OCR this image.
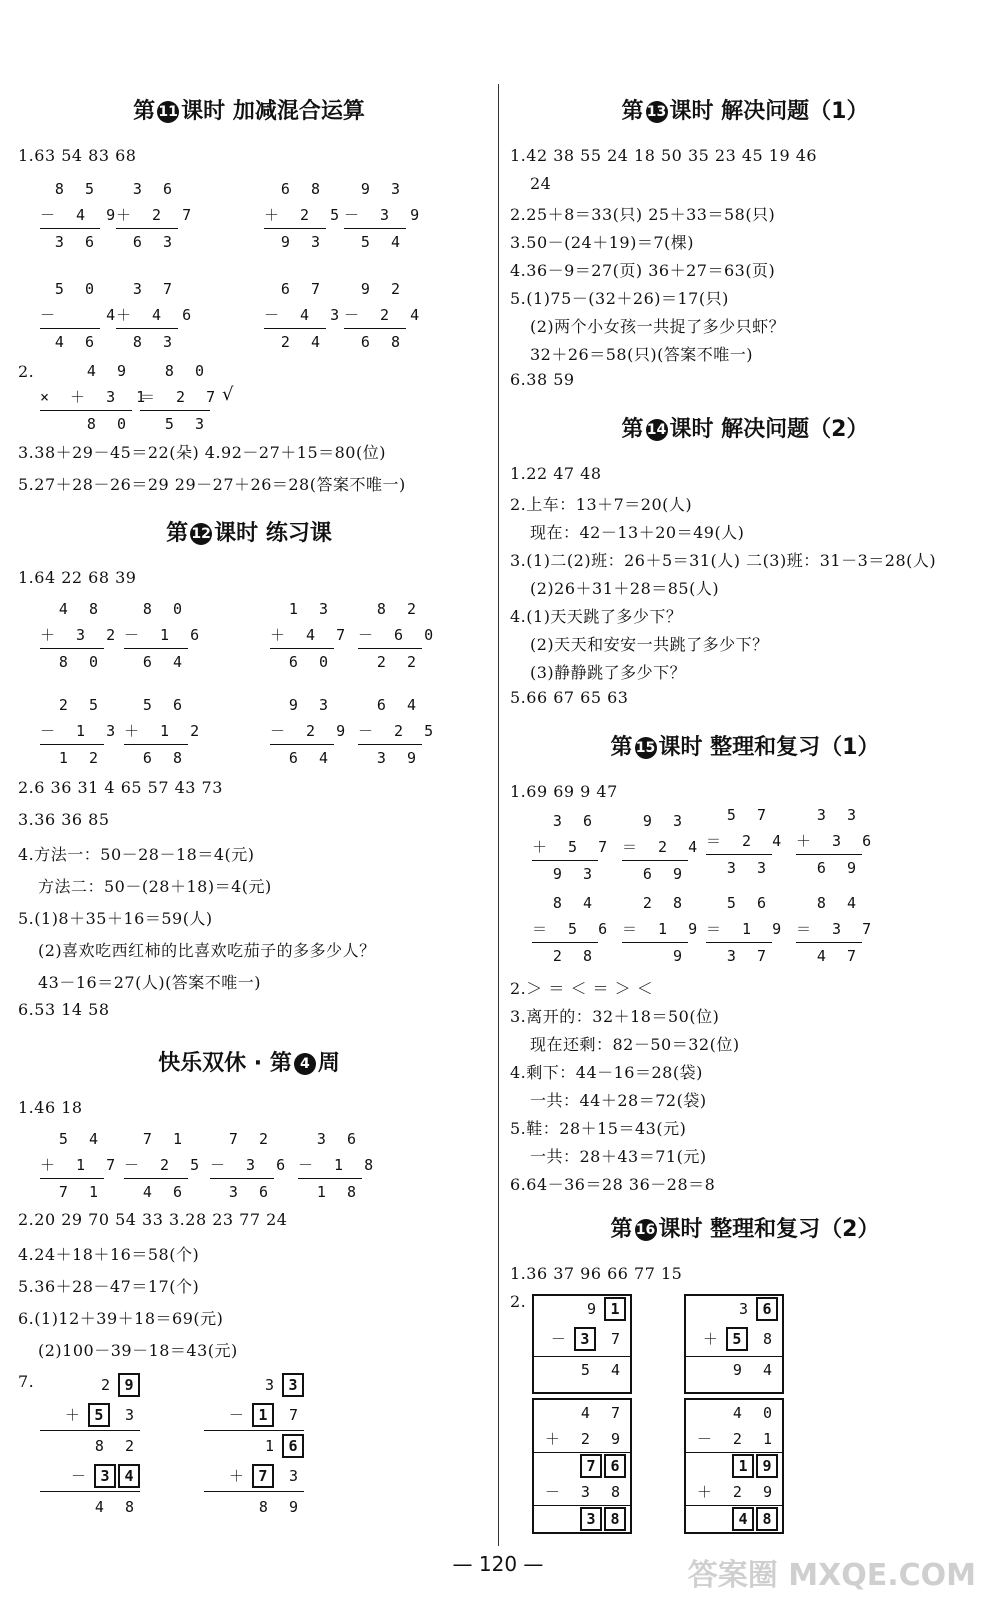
第 11 课时 加减混合运算
1.63 54 83 68
8 5
－ 4 9
3 6
3 6
＋ 2 7
6 3
6 8
＋ 2 5
9 3
9 3
－ 3 9
5 4
5 0
－   4
4 6
3 7
＋ 4 6
8 3
6 7
－ 4 3
2 4
9 2
－ 2 4
6 8
2.	4 9
× ＋ 3 1
8 0
8 0
＝ 2 7
5 3
√
3.38＋29－45＝22(朵) 4.92－27＋15＝80(位)
5.27＋28－26＝29 29－27＋26＝28(答案不唯一)
第 12 课时 练习课
1.64 22 68 39
4 8
＋ 3 2
8 0
8 0
－ 1 6
6 4
1 3
＋ 4 7
6 0
8 2
－ 6 0
2 2
2 5
－ 1 3
1 2
5 6
＋ 1 2
6 8
9 3
－ 2 9
6 4
6 4
－ 2 5
3 9
2.6 36 31 4 65 57 43 73
3.36 36 85
4.方法一：50－28－18＝4(元)
方法二：50－(28＋18)＝4(元)
5.(1)8＋35＋16＝59(人)
(2)喜欢吃西红柿的比喜欢吃茄子的多多少人？
43－16＝27(人)(答案不唯一)
6.53 14 58
快乐双休 · 第 4 周
1.46 18
5 4
＋ 1 7
7 1
7 1
－ 2 5
4 6
7 2
－ 3 6
3 6
3 6
－ 1 8
1 8
2.20 29 70 54 33 3.28 23 77 24
4.24＋18＋16＝58(个)
5.36＋28－47＝17(个)
6.(1)12＋39＋18＝69(元)
(2)100－39－18＝43(元)
7.	2 9
＋ 5 3
8 2
－ 3 4
4 8
3 3
－ 1 7
1 6
＋ 7 3
8 9
第 13 课时 解决问题（1）
1.42 38 55 24 18 50 35 23 45 19 46
24
2.25＋8＝33(只) 25＋33＝58(只)
3.50－(24＋19)＝7(棵)
4.36－9＝27(页) 36＋27＝63(页)
5.(1)75－(32＋26)＝17(只)
(2)两个小女孩一共捉了多少只虾？
32＋26＝58(只)(答案不唯一)
6.38 59
第 14 课时 解决问题（2）
1.22 47 48
2.上车：13＋7＝20(人)
现在：42－13＋20＝49(人)
3.(1)二(2)班：26＋5＝31(人) 二(3)班：31－3＝28(人)
(2)26＋31＋28＝85(人)
4.(1)天天跳了多少下？
(2)天天和安安一共跳了多少下？
(3)静静跳了多少下？
5.66 67 65 63
第 15 课时 整理和复习（1）
1.69 69 9 47
3 6
＋ 5 7
9 3
9 3
＝ 2 4
6 9
5 7
＝ 2 4
3 3
3 3
＋ 3 6
6 9
8 4
＝ 5 6
2 8
2 8
＝ 1 9
9
5 6
＝ 1 9
3 7
8 4
＝ 3 7
4 7
2.＞ ＝ ＜ ＝ ＞ ＜
3.离开的：32＋18＝50(位)
现在还剩：82－50＝32(位)
4.剩下：44－16＝28(袋)
一共：44＋28＝72(袋)
5.鞋：28＋15＝43(元)
一共：28＋43＝71(元)
6.64－36＝28 36－28＝8
第 16 课时 整理和复习（2）
1.36 37 96 66 77 15
2.	9 1
－ 3 7
5 4
3 6
＋ 5 8
9 4
4 7
＋ 2 9
7 6
－ 3 8
3 8
4 0
－ 2 1
1 9
＋ 2 9
4 8
— 120 —	答案圈 MXQE.COM
